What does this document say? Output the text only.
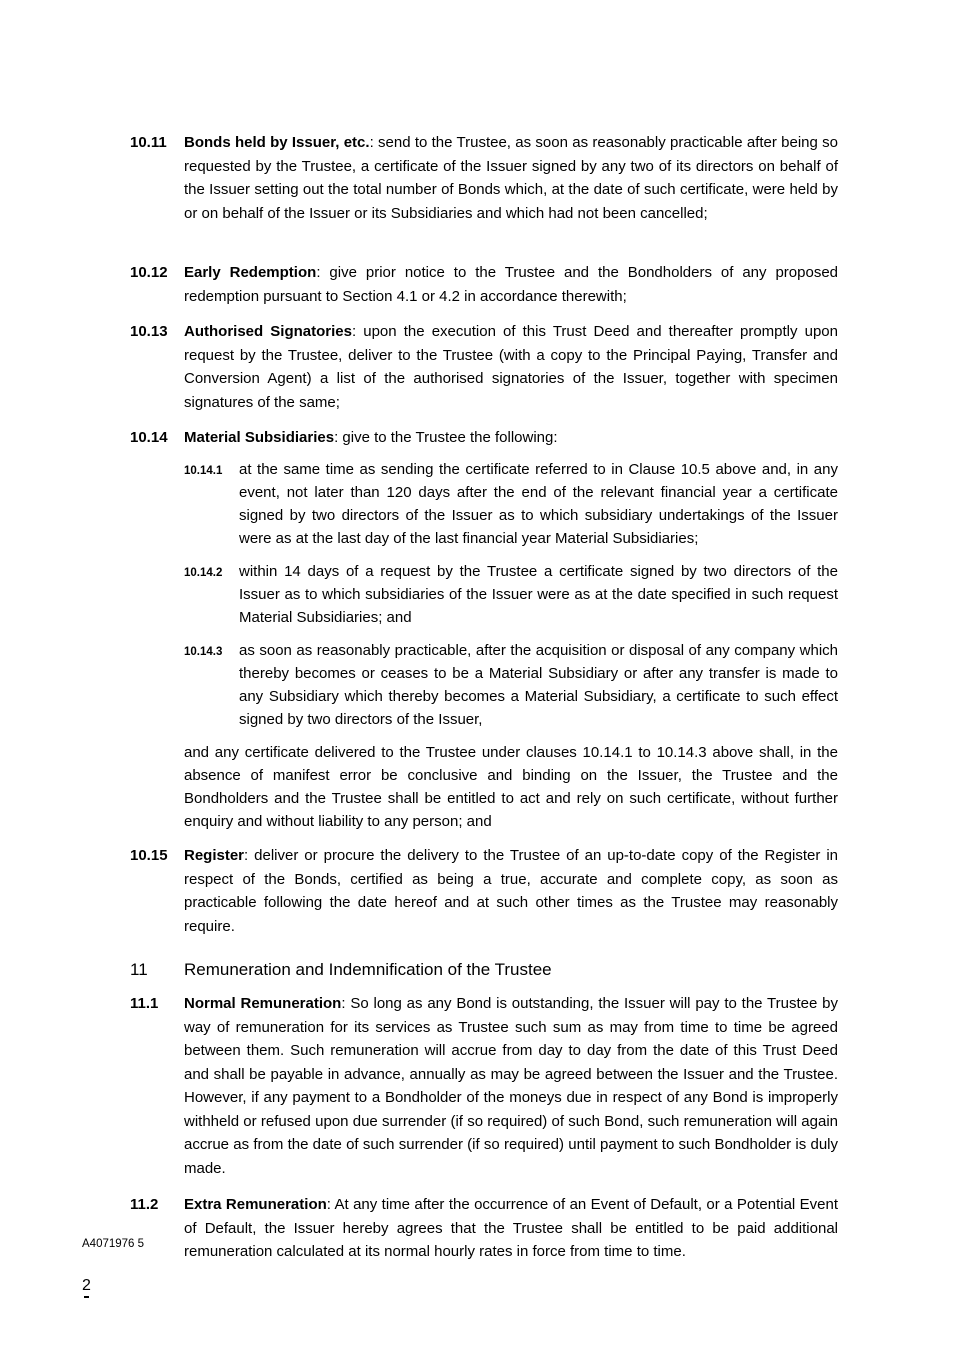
10.11 Bonds held by Issuer, etc.: send to the Trustee, as soon as reasonably practicable after being so requested by the Trustee, a certificate of the Issuer signed by any two of its directors on behalf of the Issuer setting out the total number of Bonds which, at the date of such certificate, were held by or on behalf of the Issuer or its Subsidiaries and which had not been cancelled;
10.12 Early Redemption: give prior notice to the Trustee and the Bondholders of any proposed redemption pursuant to Section 4.1 or 4.2 in accordance therewith;
10.13 Authorised Signatories: upon the execution of this Trust Deed and thereafter promptly upon request by the Trustee, deliver to the Trustee (with a copy to the Principal Paying, Transfer and Conversion Agent) a list of the authorised signatories of the Issuer, together with specimen signatures of the same;
10.14 Material Subsidiaries: give to the Trustee the following:
10.14.1 at the same time as sending the certificate referred to in Clause 10.5 above and, in any event, not later than 120 days after the end of the relevant financial year a certificate signed by two directors of the Issuer as to which subsidiary undertakings of the Issuer were as at the last day of the last financial year Material Subsidiaries;
10.14.2 within 14 days of a request by the Trustee a certificate signed by two directors of the Issuer as to which subsidiaries of the Issuer were as at the date specified in such request Material Subsidiaries; and
10.14.3 as soon as reasonably practicable, after the acquisition or disposal of any company which thereby becomes or ceases to be a Material Subsidiary or after any transfer is made to any Subsidiary which thereby becomes a Material Subsidiary, a certificate to such effect signed by two directors of the Issuer,
and any certificate delivered to the Trustee under clauses 10.14.1 to 10.14.3 above shall, in the absence of manifest error be conclusive and binding on the Issuer, the Trustee and the Bondholders and the Trustee shall be entitled to act and rely on such certificate, without further enquiry and without liability to any person; and
10.15 Register: deliver or procure the delivery to the Trustee of an up-to-date copy of the Register in respect of the Bonds, certified as being a true, accurate and complete copy, as soon as practicable following the date hereof and at such other times as the Trustee may reasonably require.
11 Remuneration and Indemnification of the Trustee
11.1 Normal Remuneration: So long as any Bond is outstanding, the Issuer will pay to the Trustee by way of remuneration for its services as Trustee such sum as may from time to time be agreed between them. Such remuneration will accrue from day to day from the date of this Trust Deed and shall be payable in advance, annually as may be agreed between the Issuer and the Trustee. However, if any payment to a Bondholder of the moneys due in respect of any Bond is improperly withheld or refused upon due surrender (if so required) of such Bond, such remuneration will again accrue as from the date of such surrender (if so required) until payment to such Bondholder is duly made.
11.2 Extra Remuneration: At any time after the occurrence of an Event of Default, or a Potential Event of Default, the Issuer hereby agrees that the Trustee shall be entitled to be paid additional remuneration calculated at its normal hourly rates in force from time to time.
A4071976 5
2
